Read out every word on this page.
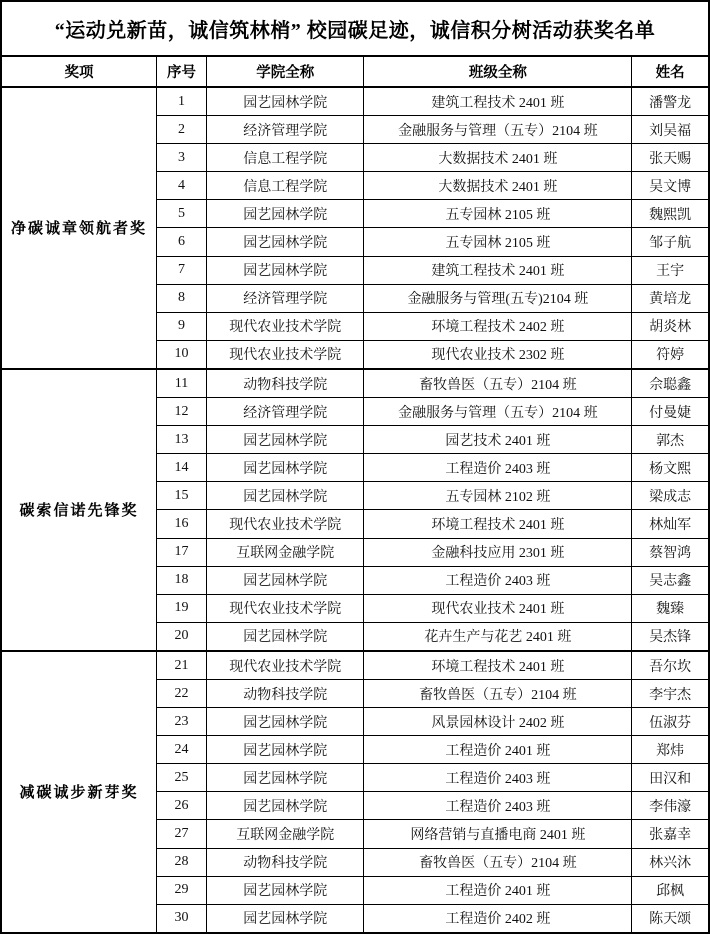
“运动兑新苗，诚信筑林梢” 校园碳足迹，诚信积分树活动获奖名单				
奖项	序号	学院全称	班级全称	姓名
净碳诚章领航者奖	1	园艺园林学院	建筑工程技术 2401 班	潘警龙
	2	经济管理学院	金融服务与管理（五专）2104 班	刘吴福
	3	信息工程学院	大数据技术 2401 班	张天赐
	4	信息工程学院	大数据技术 2401 班	吴文博
	5	园艺园林学院	五专园林 2105 班	魏熙凯
	6	园艺园林学院	五专园林 2105 班	邹子航
	7	园艺园林学院	建筑工程技术 2401 班	王宇
	8	经济管理学院	金融服务与管理(五专)2104 班	黄培龙
	9	现代农业技术学院	环境工程技术 2402 班	胡炎林
	10	现代农业技术学院	现代农业技术 2302 班	符婷
碳索信诺先锋奖	11	动物科技学院	畜牧兽医（五专）2104 班	佘聪鑫
	12	经济管理学院	金融服务与管理（五专）2104 班	付曼婕
	13	园艺园林学院	园艺技术 2401 班	郭杰
	14	园艺园林学院	工程造价 2403 班	杨文熙
	15	园艺园林学院	五专园林 2102 班	梁成志
	16	现代农业技术学院	环境工程技术 2401 班	林灿军
	17	互联网金融学院	金融科技应用 2301 班	蔡智鸿
	18	园艺园林学院	工程造价 2403 班	吴志鑫
	19	现代农业技术学院	现代农业技术 2401 班	魏臻
	20	园艺园林学院	花卉生产与花艺 2401 班	吴杰锋
减碳诚步新芽奖	21	现代农业技术学院	环境工程技术 2401 班	吾尔坎
	22	动物科技学院	畜牧兽医（五专）2104 班	李宇杰
	23	园艺园林学院	风景园林设计 2402 班	伍淑芬
	24	园艺园林学院	工程造价 2401 班	郑炜
	25	园艺园林学院	工程造价 2403 班	田汉和
	26	园艺园林学院	工程造价 2403 班	李伟濠
	27	互联网金融学院	网络营销与直播电商 2401 班	张嘉幸
	28	动物科技学院	畜牧兽医（五专）2104 班	林兴沐
	29	园艺园林学院	工程造价 2401 班	邱枫
	30	园艺园林学院	工程造价 2402 班	陈天颂
